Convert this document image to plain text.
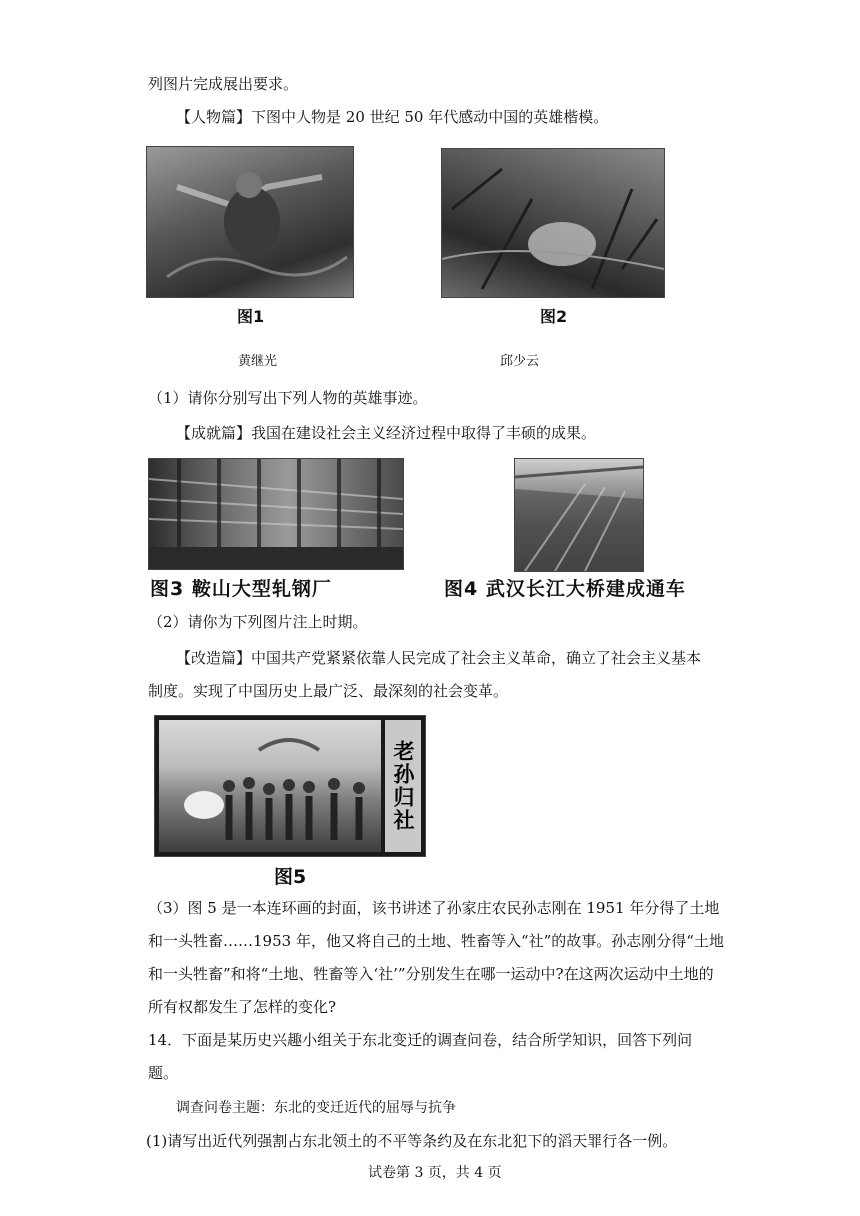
列图片完成展出要求。
【人物篇】下图中人物是 20 世纪 50 年代感动中国的英雄楷模。
图1	图2
黄继光	邱少云
（1）请你分别写出下列人物的英雄事迹。
【成就篇】我国在建设社会主义经济过程中取得了丰硕的成果。
图3 鞍山大型轧钢厂	图4 武汉长江大桥建成通车
（2）请你为下列图片注上时期。
【改造篇】中国共产党紧紧依靠人民完成了社会主义革命，确立了社会主义基本
制度。实现了中国历史上最广泛、最深刻的社会变革。
老孙归社
图5
（3）图 5 是一本连环画的封面，该书讲述了孙家庄农民孙志刚在 1951 年分得了土地
和一头牲畜……1953 年，他又将自己的土地、牲畜等入“社”的故事。孙志刚分得“土地
和一头牲畜”和将“土地、牲畜等入‘社’”分别发生在哪一运动中?在这两次运动中土地的
所有权都发生了怎样的变化?
14．下面是某历史兴趣小组关于东北变迁的调查问卷，结合所学知识，回答下列问
题。
调查问卷主题：东北的变迁近代的屈辱与抗争
(1)请写出近代列强割占东北领土的不平等条约及在东北犯下的滔天罪行各一例。
试卷第 3 页，共 4 页
